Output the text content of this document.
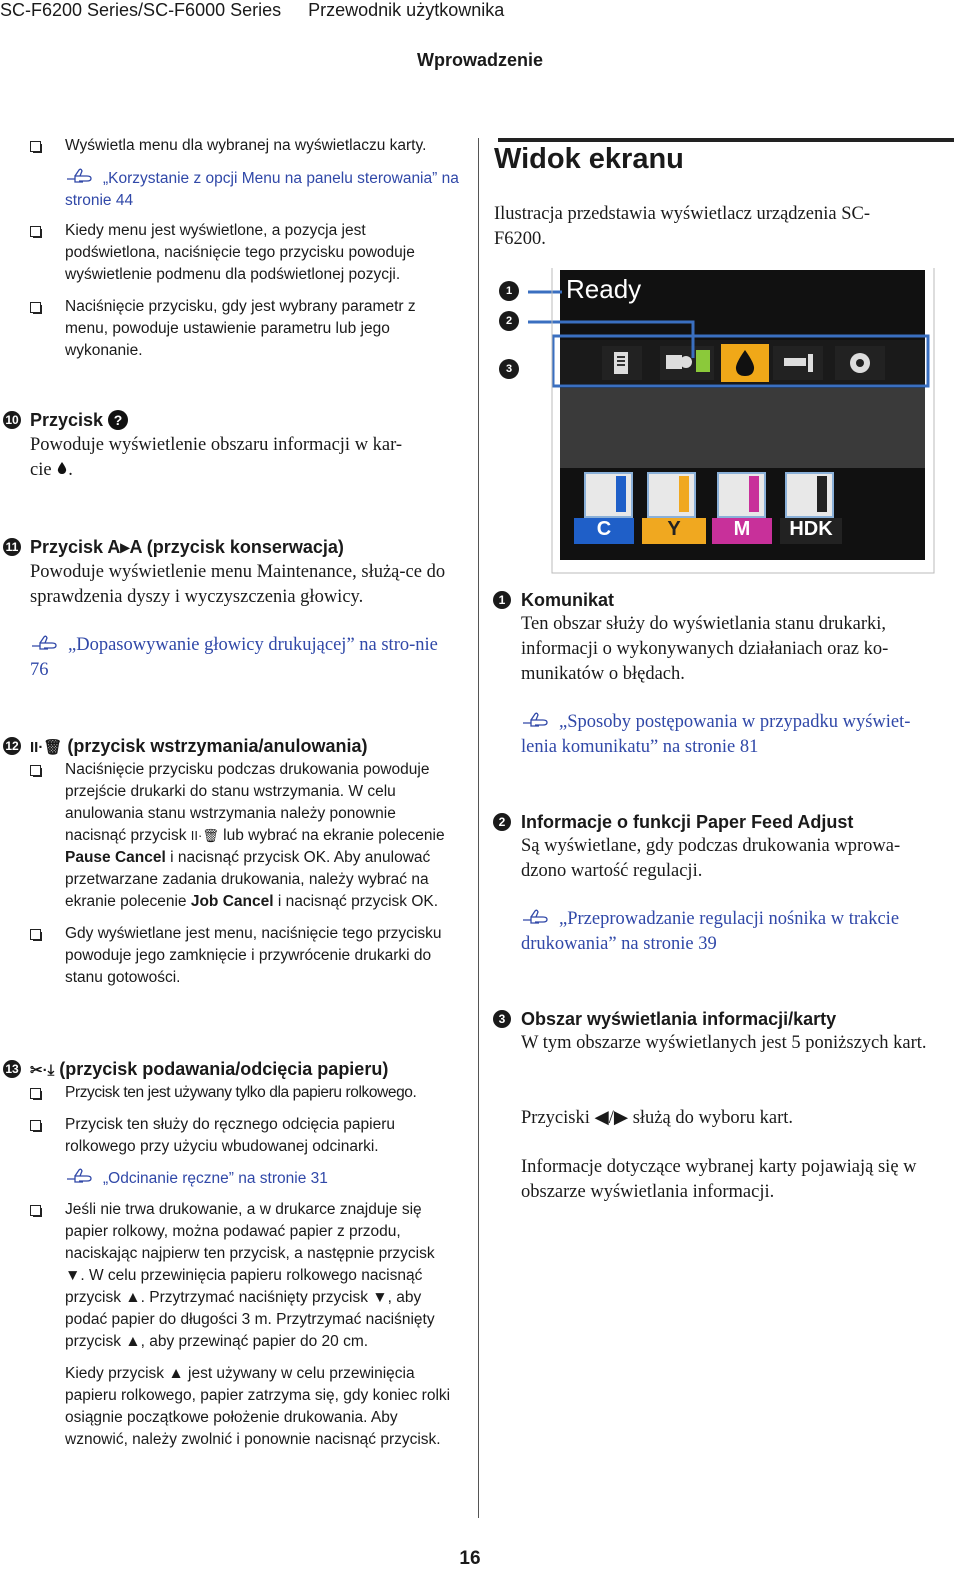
SC-F6200 Series/SC-F6000 Series Przewodnik użytkownika
Wprowadzenie
Wyświetla menu dla wybranej na wyświetlaczu karty.
„Korzystanie z opcji Menu na panelu sterowania” na stronie 44
Kiedy menu jest wyświetlone, a pozycja jest podświetlona, naciśnięcie tego przycisku powoduje wyświetlenie podmenu dla podświetlonej pozycji.
Naciśnięcie przycisku, gdy jest wybrany parametr z menu, powoduje ustawienie parametru lub jego wykonanie.
10 Przycisk ?
Powoduje wyświetlenie obszaru informacji w kar-
cie .
11 Przycisk A▸A (przycisk konserwacja)
Powoduje wyświetlenie menu Maintenance, służą-ce do sprawdzenia dyszy i wyczyszczenia głowicy.
„Dopasowywanie głowicy drukującej” na stro-nie 76
12 II·🗑 (przycisk wstrzymania/anulowania)
Naciśnięcie przycisku podczas drukowania powoduje przejście drukarki do stanu wstrzymania. W celu anulowania stanu wstrzymania należy ponownie nacisnąć przycisk II·🗑 lub wybrać na ekranie polecenie Pause Cancel i nacisnąć przycisk OK. Aby anulować przetwarzane zadania drukowania, należy wybrać na ekranie polecenie Job Cancel i nacisnąć przycisk OK.
Gdy wyświetlane jest menu, naciśnięcie tego przycisku powoduje jego zamknięcie i przywrócenie drukarki do stanu gotowości.
13 ✂·⤓ (przycisk podawania/odcięcia papieru)
Przycisk ten jest używany tylko dla papieru rolkowego.
Przycisk ten służy do ręcznego odcięcia papieru rolkowego przy użyciu wbudowanej odcinarki.
„Odcinanie ręczne” na stronie 31
Jeśli nie trwa drukowanie, a w drukarce znajduje się papier rolkowy, można podawać papier z przodu, naciskając najpierw ten przycisk, a następnie przycisk ▼. W celu przewinięcia papieru rolkowego nacisnąć przycisk ▲. Przytrzymać naciśnięty przycisk ▼, aby podać papier do długości 3 m. Przytrzymać naciśnięty przycisk ▲, aby przewinąć papier do 20 cm.
Kiedy przycisk ▲ jest używany w celu przewinięcia papieru rolkowego, papier zatrzyma się, gdy koniec rolki osiągnie początkowe położenie drukowania. Aby wznowić, należy zwolnić i ponownie nacisnąć przycisk.
Widok ekranu
Ilustracja przedstawia wyświetlacz urządzenia SC-F6200.
Ready
C	Y	M	HDK
1
2
3
1 Komunikat
Ten obszar służy do wyświetlania stanu drukarki, informacji o wykonywanych działaniach oraz ko-munikatów o błędach.
„Sposoby postępowania w przypadku wyświet-lenia komunikatu” na stronie 81
2 Informacje o funkcji Paper Feed Adjust
Są wyświetlane, gdy podczas drukowania wprowa-dzono wartość regulacji.
„Przeprowadzanie regulacji nośnika w trakcie drukowania” na stronie 39
3 Obszar wyświetlania informacji/karty
W tym obszarze wyświetlanych jest 5 poniższych kart.
Przyciski ◀/▶ służą do wyboru kart.
Informacje dotyczące wybranej karty pojawiają się w obszarze wyświetlania informacji.
16
